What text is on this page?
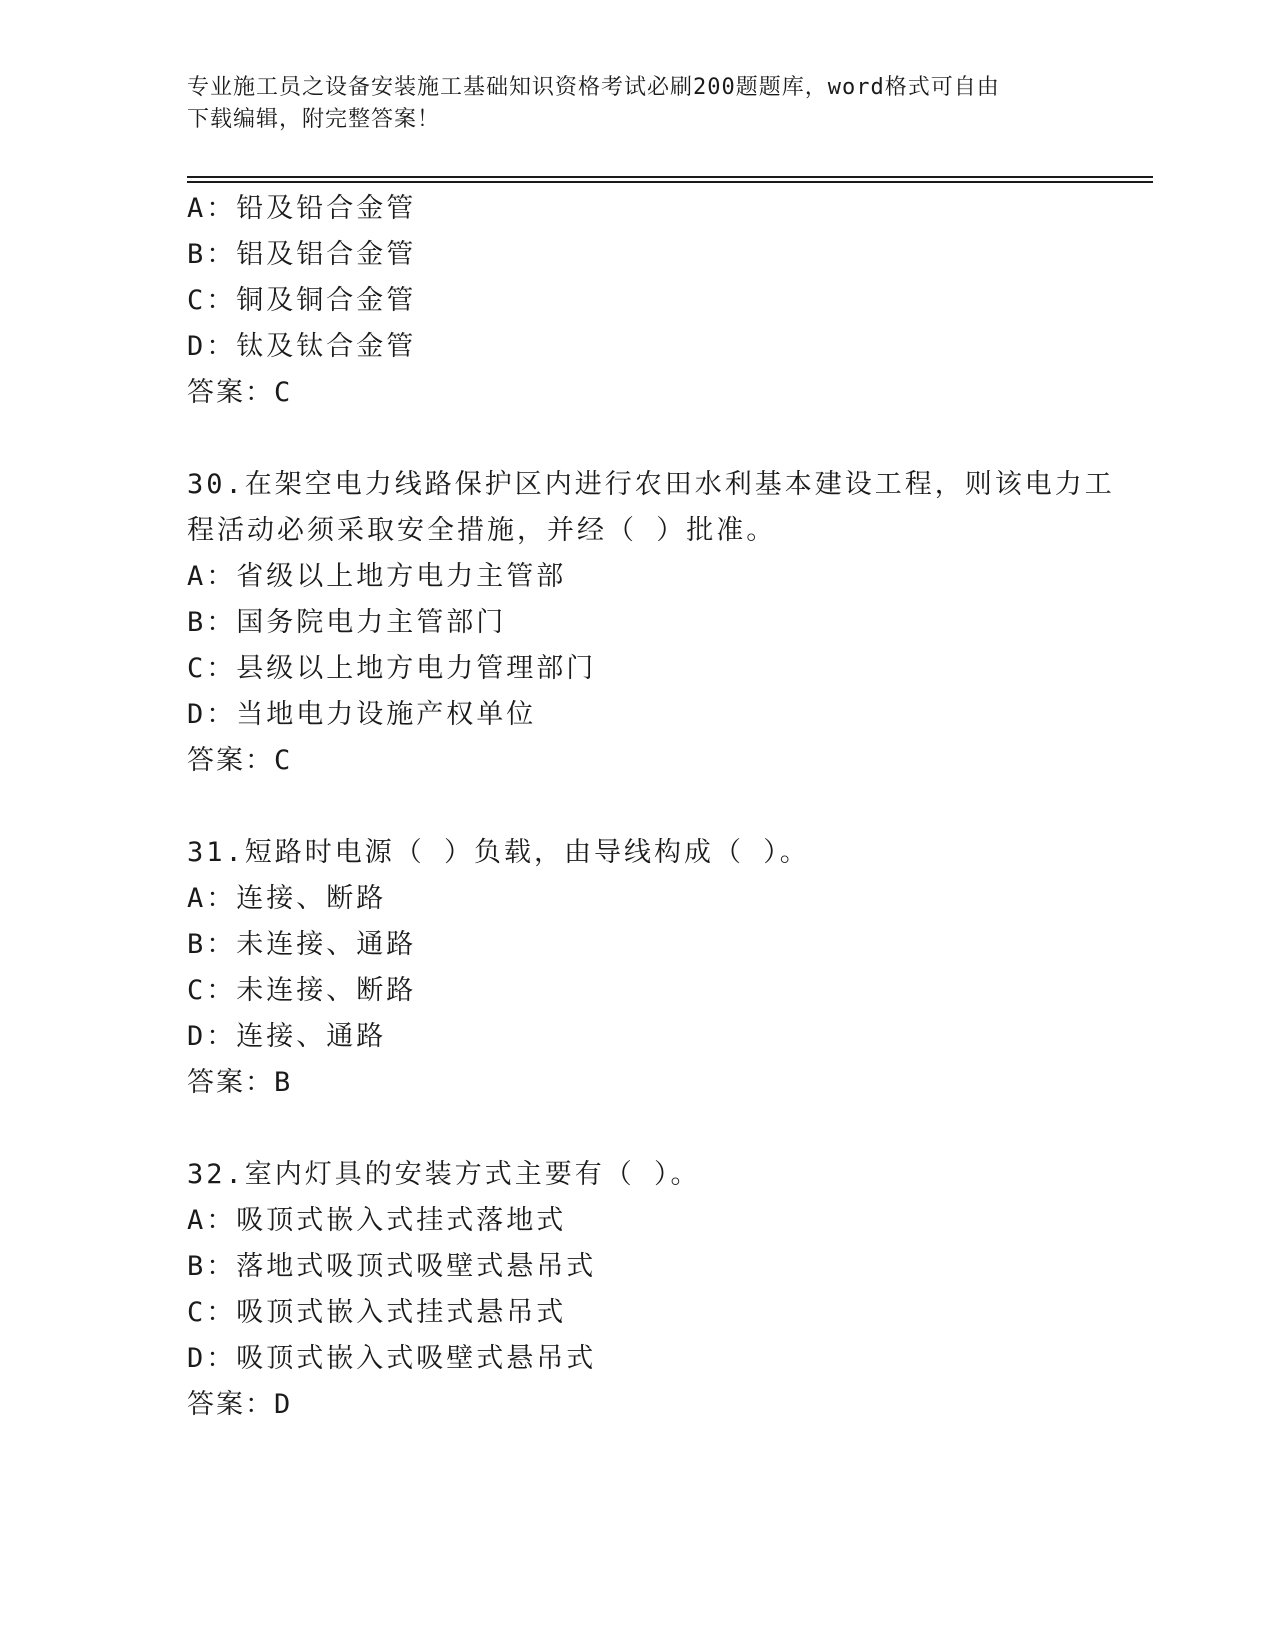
专业施工员之设备安装施工基础知识资格考试必刷200题题库，word格式可自由
下载编辑，附完整答案！
A：铅及铅合金管
B：铝及铝合金管
C：铜及铜合金管
D：钛及钛合金管
答案：C
30.在架空电力线路保护区内进行农田水利基本建设工程，则该电力工
程活动必须采取安全措施，并经（ ）批准。
A：省级以上地方电力主管部
B：国务院电力主管部门
C：县级以上地方电力管理部门
D：当地电力设施产权单位
答案：C
31.短路时电源（ ）负载，由导线构成（ ）。
A：连接、断路
B：未连接、通路
C：未连接、断路
D：连接、通路
答案：B
32.室内灯具的安装方式主要有（ ）。
A：吸顶式嵌入式挂式落地式
B：落地式吸顶式吸壁式悬吊式
C：吸顶式嵌入式挂式悬吊式
D：吸顶式嵌入式吸壁式悬吊式
答案：D
